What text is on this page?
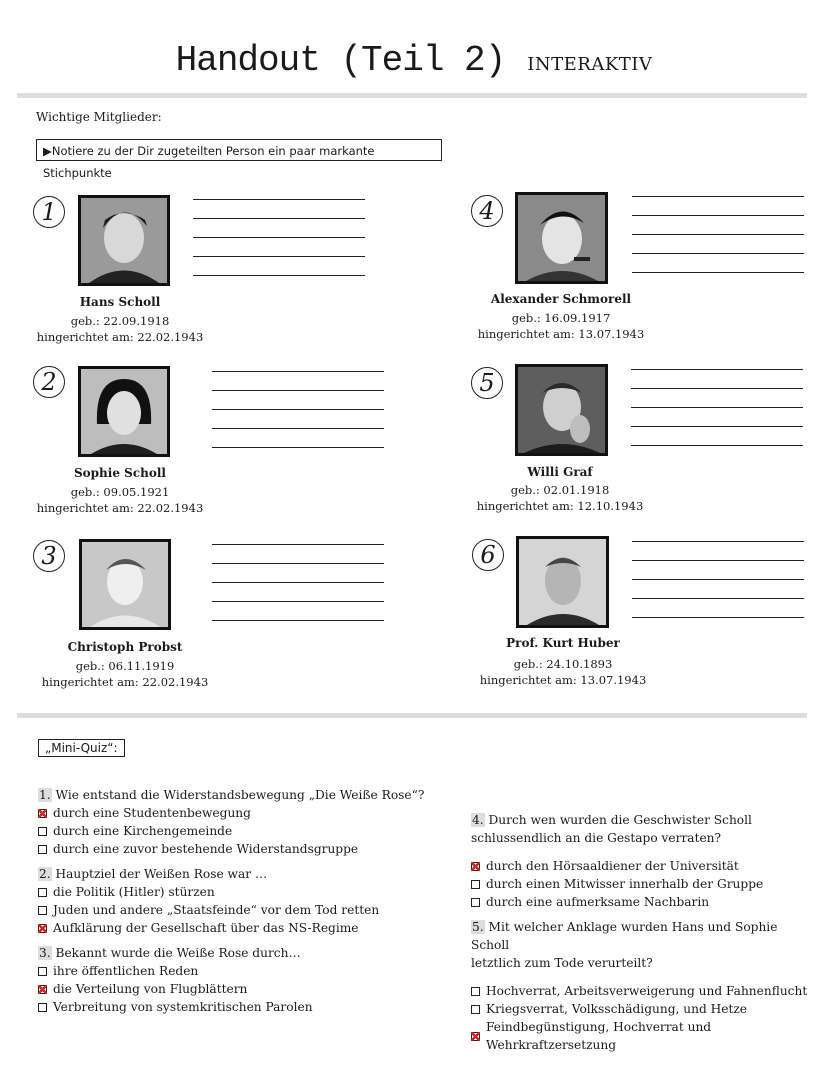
Handout (Teil 2) INTERAKTIV
Wichtige Mitglieder:
▶Notiere zu der Dir zugeteilten Person ein paar markante Stichpunkte
1
Hans Scholl
geb.: 22.09.1918
hingerichtet am: 22.02.1943
2
Sophie Scholl
geb.: 09.05.1921
hingerichtet am: 22.02.1943
3
Christoph Probst
geb.: 06.11.1919
hingerichtet am: 22.02.1943
4
Alexander Schmorell
geb.: 16.09.1917
hingerichtet am: 13.07.1943
5
Willi Graf
geb.: 02.01.1918
hingerichtet am: 12.10.1943
6
Prof. Kurt Huber
geb.: 24.10.1893
hingerichtet am: 13.07.1943
„Mini-Quiz“:
1. Wie entstand die Widerstandsbewegung „Die Weiße Rose“?
durch eine Studentenbewegung
durch eine Kirchengemeinde
durch eine zuvor bestehende Widerstandsgruppe
2. Hauptziel der Weißen Rose war …
die Politik (Hitler) stürzen
Juden und andere „Staatsfeinde“ vor dem Tod retten
Aufklärung der Gesellschaft über das NS-Regime
3. Bekannt wurde die Weiße Rose durch…
ihre öffentlichen Reden
die Verteilung von Flugblättern
Verbreitung von systemkritischen Parolen
4. Durch wen wurden die Geschwister Scholl
schlussendlich an die Gestapo verraten?
durch den Hörsaaldiener der Universität
durch einen Mitwisser innerhalb der Gruppe
durch eine aufmerksame Nachbarin
5. Mit welcher Anklage wurden Hans und Sophie Scholl
letztlich zum Tode verurteilt?
Hochverrat, Arbeitsverweigerung und Fahnenflucht
Kriegsverrat, Volksschädigung, und Hetze
Feindbegünstigung, Hochverrat und Wehrkraftzersetzung
